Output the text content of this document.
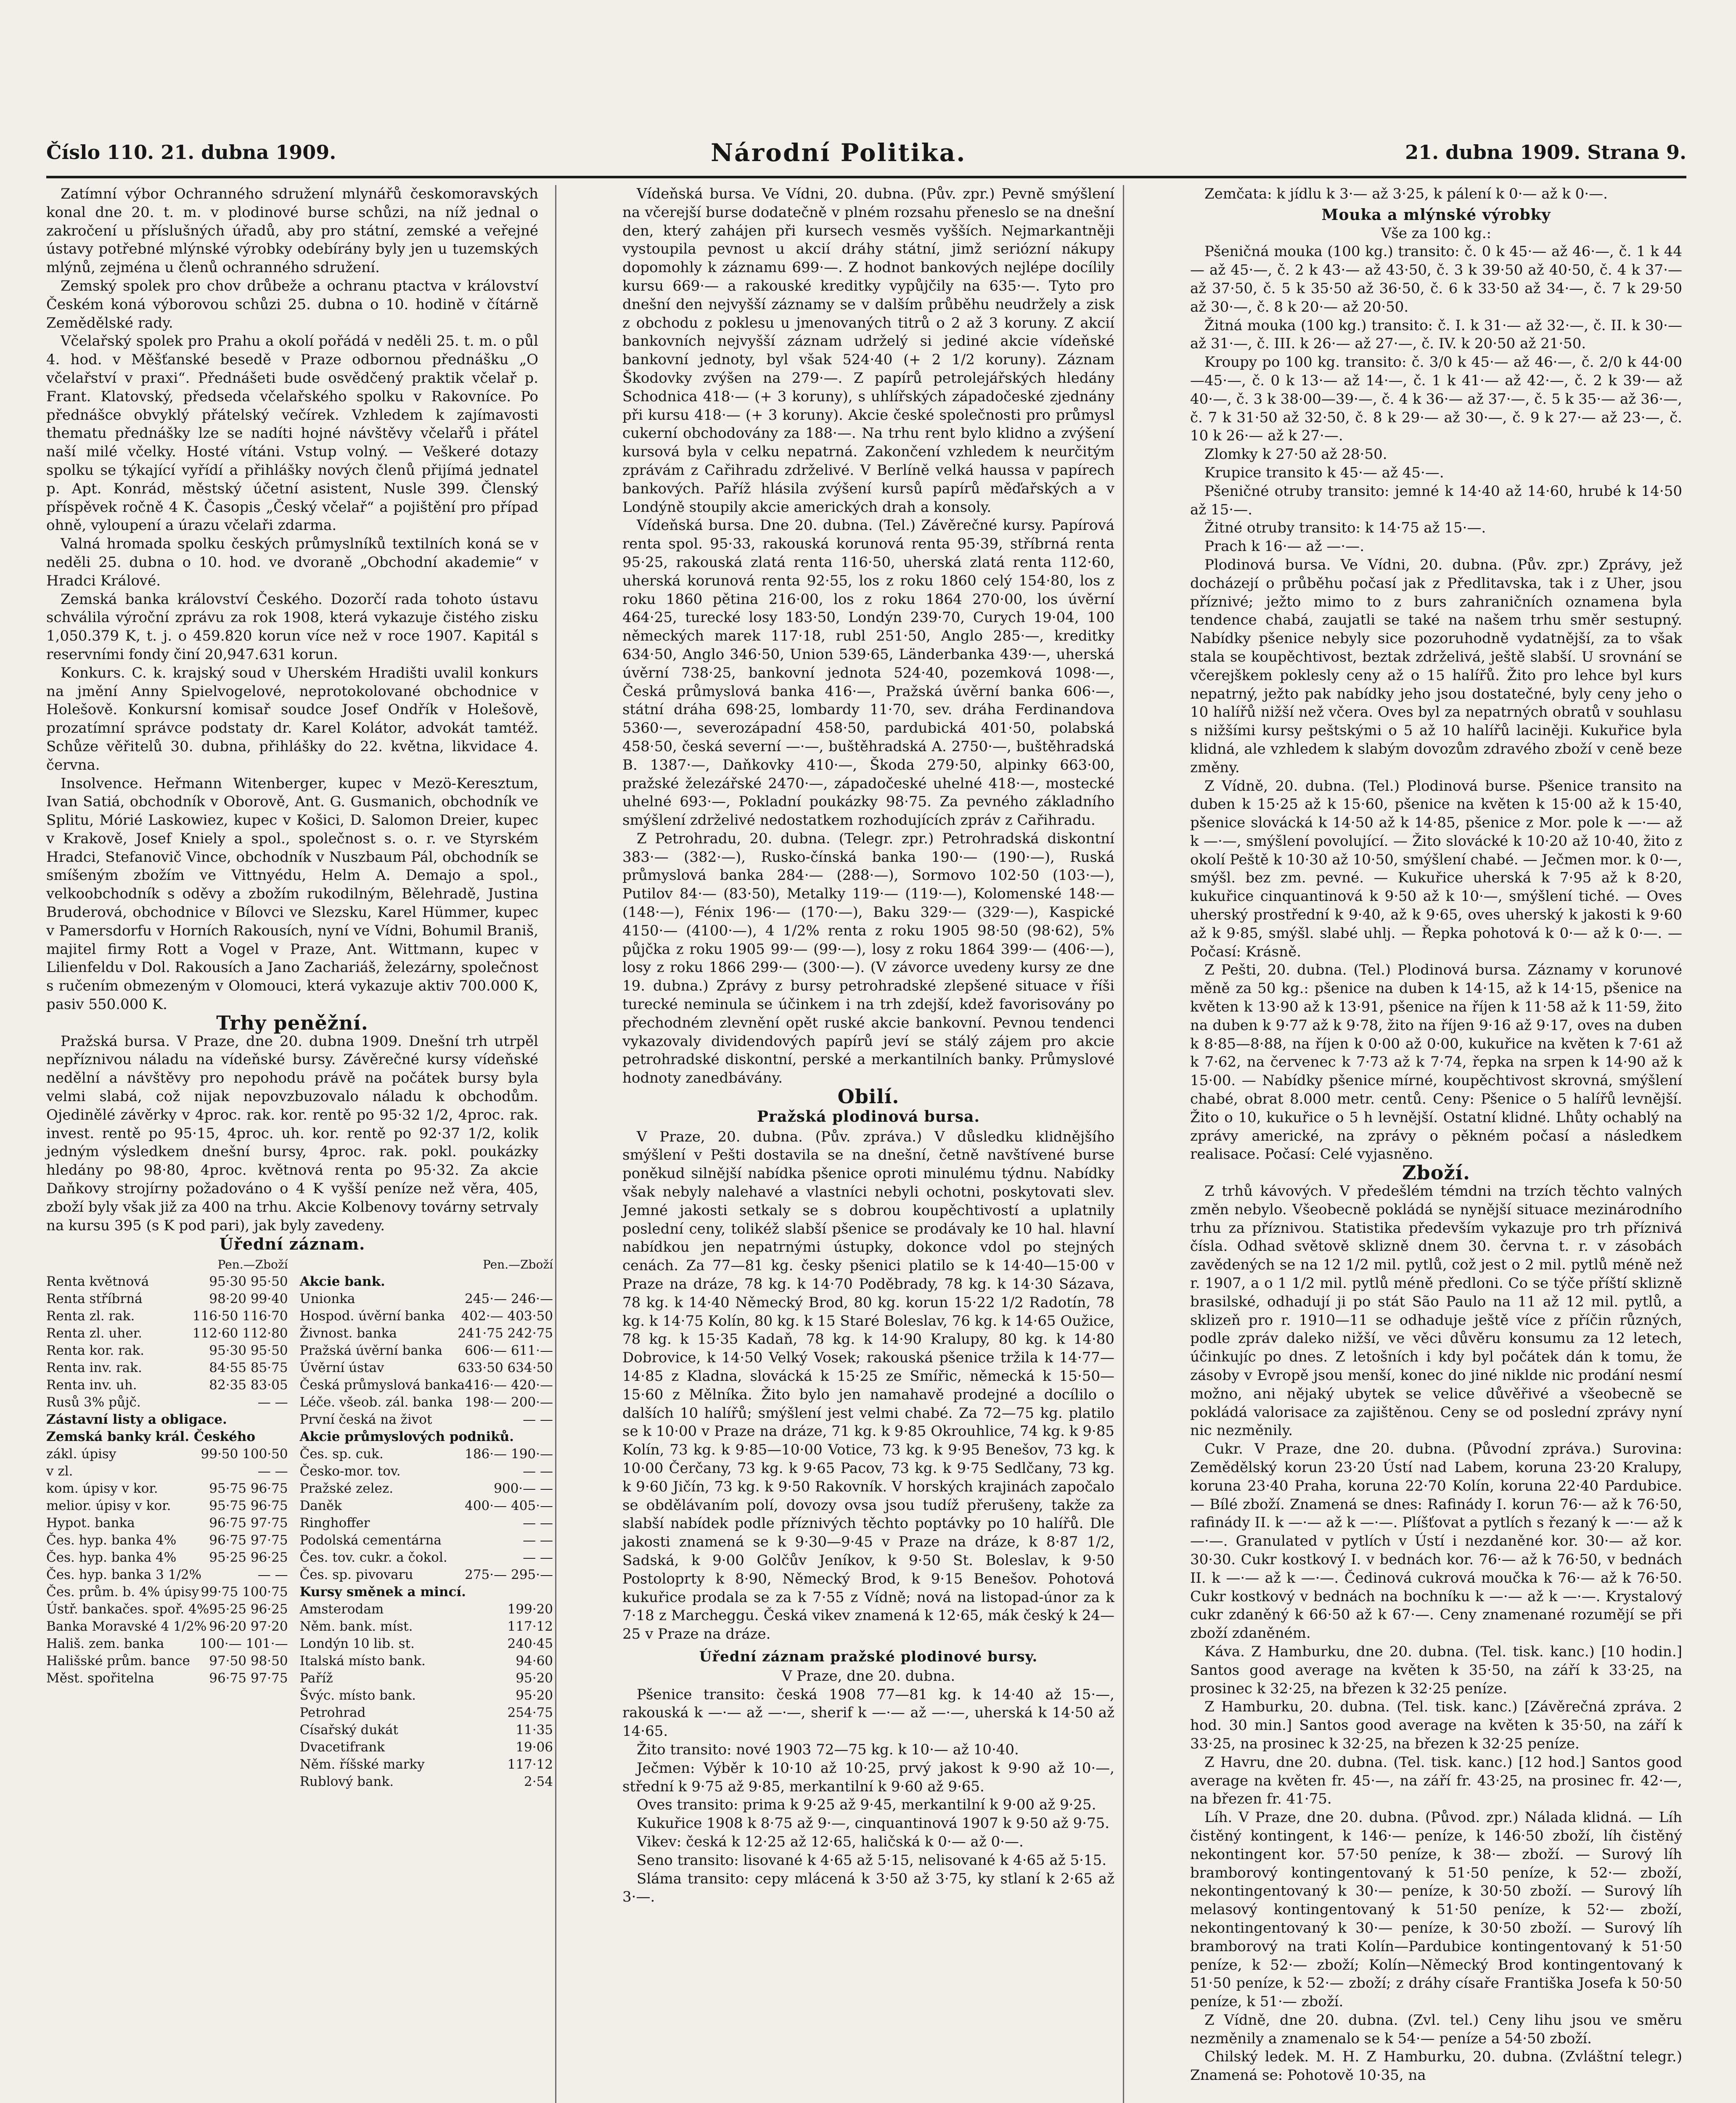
Číslo 110. 21. dubna 1909.	Národní Politika.	21. dubna 1909. Strana 9.

Zatímní výbor Ochranného sdružení mlynářů českomoravských konal dne 20. t. m. v plodinové burse schůzi, na níž jednal o zakročení u příslušných úřadů, aby pro státní, zemské a veřejné ústavy potřebné mlýnské výrobky odebírány byly jen u tuzemských mlýnů, zejména u členů ochranného sdružení.

Zemský spolek pro chov drůbeže a ochranu ptactva v království Českém koná výborovou schůzi 25. dubna o 10. hodině v čítárně Zemědělské rady.

Včelařský spolek pro Prahu a okolí pořádá v neděli 25. t. m. o půl 4. hod. v Měšťanské besedě v Praze odbornou přednášku „O včelařství v praxi“. Přednášeti bude osvědčený praktik včelař p. Frant. Klatovský, předseda včelařského spolku v Rakovníce. Po přednášce obvyklý přátelský večírek. Vzhledem k zajímavosti thematu přednášky lze se nadíti hojné návštěvy včelařů i přátel naší milé včelky. Hosté vítáni. Vstup volný. — Veškeré dotazy spolku se týkající vyřídí a přihlášky nových členů přijímá jednatel p. Apt. Konrád, městský účetní asistent, Nusle 399. Členský příspěvek ročně 4 K. Časopis „Český včelař“ a pojištění pro případ ohně, vyloupení a úrazu včelaři zdarma.

Valná hromada spolku českých průmyslníků textilních koná se v neděli 25. dubna o 10. hod. ve dvoraně „Obchodní akademie“ v Hradci Králové.

Zemská banka království Českého. Dozorčí rada tohoto ústavu schválila výroční zprávu za rok 1908, která vykazuje čistého zisku 1,050.379 K, t. j. o 459.820 korun více než v roce 1907. Kapitál s reservními fondy činí 20,947.631 korun.

Konkurs. C. k. krajský soud v Uherském Hradišti uvalil konkurs na jmění Anny Spielvogelové, neprotokolované obchodnice v Holešově. Konkursní komisař soudce Josef Ondřík v Holešově, prozatímní správce podstaty dr. Karel Kolátor, advokát tamtéž. Schůze věřitelů 30. dubna, přihlášky do 22. května, likvidace 4. června.

Insolvence. Heřmann Witenberger, kupec v Mezö-Keresztum, Ivan Satiá, obchodník v Oborově, Ant. G. Gusmanich, obchodník ve Splitu, Mórié Laskowiez, kupec v Košici, D. Salomon Dreier, kupec v Krakově, Josef Kniely a spol., společnost s. o. r. ve Styrském Hradci, Stefanovič Vince, obchodník v Nuszbaum Pál, obchodník se smíšeným zbožím ve Vittnyédu, Helm A. Demajo a spol., velkoobchodník s oděvy a zbožím rukodilným, Bělehradě, Justina Bruderová, obchodnice v Bílovci ve Slezsku, Karel Hümmer, kupec v Pamersdorfu v Horních Rakousích, nyní ve Vídni, Bohumil Braniš, majitel firmy Rott a Vogel v Praze, Ant. Wittmann, kupec v Lilienfeldu v Dol. Rakousích a Jano Zachariáš, železárny, společnost s ručením obmezeným v Olomouci, která vykazuje aktiv 700.000 K, pasiv 550.000 K.

Trhy peněžní.

Pražská bursa. V Praze, dne 20. dubna 1909. Dnešní trh utrpěl nepříznivou náladu na vídeňské bursy. Závěrečné kursy vídeňské nedělní a návštěvy pro nepohodu právě na počátek bursy byla velmi slabá, což nijak nepovzbuzovalo náladu k obchodům. Ojedinělé závěrky v 4proc. rak. kor. rentě po 95·32 1/2, 4proc. rak. invest. rentě po 95·15, 4proc. uh. kor. rentě po 92·37 1/2, kolik jedným výsledkem dnešní bursy, 4proc. rak. pokl. poukázky hledány po 98·80, 4proc. květnová renta po 95·32. Za akcie Daňkovy strojírny požadováno o 4 K vyšší peníze než věra, 405, zboží byly však již za 400 na trhu. Akcie Kolbenovy továrny setrvaly na kursu 395 (s K pod pari), jak byly zavedeny.

Úřední záznam.

Pen.—Zboží	Pen.—Zboží
Renta květnová	95·30 95·50
Renta stříbrná	98·20 99·40
Renta zl. rak.	116·50 116·70
Renta zl. uher.	112·60 112·80
Renta kor. rak.	95·30 95·50
Renta inv. rak.	84·55 85·75
Renta inv. uh.	82·35 83·05
Rusů 3% půjč.	— —
Zástavní listy a obligace.
Zemská banky král. Českého
zákl. úpisy	99·50 100·50
v zl.	— —
kom. úpisy v kor.	95·75 96·75
melior. úpisy v kor.	95·75 96·75
Hypot. banka	96·75 97·75
Čes. hyp. banka 4%	96·75 97·75
Čes. hyp. banka 4%	95·25 96·25
Čes. hyp. banka 3 1/2%	— —
Čes. prům. b. 4% úpisy 99·75 100·75
Ústř. bankačes. spoř. 4% 95·25 96·25
Banka Moravské 4 1/2% 96·20 97·20
Hališ. zem. banka	100·— 101·—
Hališské prům. bance 97·50 98·50
Měst. spořitelna	96·75 97·75
Akcie bank.
Unionka	245·— 246·—
Hospod. úvěrní banka 402·— 403·50
Živnost. banka	241·75 242·75
Pražská úvěrní banka 606·— 611·—
Úvěrní ústav	633·50 634·50
Česká průmyslová banka 416·— 420·—
Léče. všeob. zál. banka 198·— 200·—
První česká na život	— —
Akcie průmyslových podniků.
Čes. sp. cuk.	186·— 190·—
Česko-mor. tov.	— —
Pražské zelez.	900·— —
Daněk	400·— 405·—
Ringhoffer	— —
Podolská cementárna	— —
Čes. tov. cukr. a čokol.	— —
Čes. sp. pivovaru	275·— 295·—
Kursy směnek a mincí.
Amsterodam	199·20
Něm. bank. míst.	117·12
Londýn 10 lib. st.	240·45
Italská místo bank.	94·60
Paříž	95·20
Švýc. místo bank.	95·20
Petrohrad	254·75
Císařský dukát	11·35
Dvacetifrank	19·06
Něm. říšské marky	117·12
Rublový bank.	2·54

Vídeňská bursa. Ve Vídni, 20. dubna. (Pův. zpr.) Pevně smýšlení na včerejší burse dodatečně v plném rozsahu přeneslo se na dnešní den, který zahájen při kursech vesměs vyšších. Nejmarkantněji vystoupila pevnost u akcií dráhy státní, jimž seriózní nákupy dopomohly k záznamu 699·—. Z hodnot bankových nejlépe docílily kursu 669·— a rakouské kreditky vypůjčily na 635·—. Tyto pro dnešní den nejvyšší záznamy se v dalším průběhu neudržely a zisk z obchodu z poklesu u jmenovaných titrů o 2 až 3 koruny. Z akcií bankovních nejvyšší záznam udrželý si jediné akcie vídeňské bankovní jednoty, byl však 524·40 (+ 2 1/2 koruny). Záznam Škodovky zvýšen na 279·—. Z papírů petrolejářských hledány Schodnica 418·— (+ 3 koruny), s uhlířských západočeské zjednány při kursu 418·— (+ 3 koruny). Akcie české společnosti pro průmysl cukerní obchodovány za 188·—. Na trhu rent bylo klidno a zvýšení kursová byla v celku nepatrná. Zakončení vzhledem k neurčitým zprávám z Cařihradu zdrželivé. V Berlíně velká haussa v papírech bankových. Paříž hlásila zvýšení kursů papírů měďařských a v Londýně stoupily akcie amerických drah a konsoly.

Vídeňská bursa. Dne 20. dubna. (Tel.) Závěrečné kursy. Papírová renta spol. 95·33, rakouská korunová renta 95·39, stříbrná renta 95·25, rakouská zlatá renta 116·50, uherská zlatá renta 112·60, uherská korunová renta 92·55, los z roku 1860 celý 154·80, los z roku 1860 pětina 216·00, los z roku 1864 270·00, los úvěrní 464·25, turecké losy 183·50, Londýn 239·70, Curych 19·04, 100 německých marek 117·18, rubl 251·50, Anglo 285·—, kreditky 634·50, Anglo 346·50, Union 539·65, Länderbanka 439·—, uherská úvěrní 738·25, bankovní jednota 524·40, pozemková 1098·—, Česká průmyslová banka 416·—, Pražská úvěrní banka 606·—, státní dráha 698·25, lombardy 11·70, sev. dráha Ferdinandova 5360·—, severozápadní 458·50, pardubická 401·50, polabská 458·50, česká severní —·—, buštěhradská A. 2750·—, buštěhradská B. 1387·—, Daňkovky 410·—, Škoda 279·50, alpinky 663·00, pražské železářské 2470·—, západočeské uhelné 418·—, mostecké uhelné 693·—, Pokladní poukázky 98·75. Za pevného základního smýšlení zdrželivé nedostatkem rozhodujících zpráv z Cařihradu.

Z Petrohradu, 20. dubna. (Telegr. zpr.) Petrohradská diskontní 383·— (382·—), Rusko-čínská banka 190·— (190·—), Ruská průmyslová banka 284·— (288·—), Sormovo 102·50 (103·—), Putilov 84·— (83·50), Metalky 119·— (119·—), Kolomenské 148·— (148·—), Fénix 196·— (170·—), Baku 329·— (329·—), Kaspické 4150·— (4100·—), 4 1/2% renta z roku 1905 98·50 (98·62), 5% půjčka z roku 1905 99·— (99·—), losy z roku 1864 399·— (406·—), losy z roku 1866 299·— (300·—). (V závorce uvedeny kursy ze dne 19. dubna.) Zprávy z bursy petrohradské zlepšené situace v říši turecké neminula se účinkem i na trh zdejší, kdež favorisovány po přechodném zlevnění opět ruské akcie bankovní. Pevnou tendenci vykazovaly dividendových papírů jeví se stálý zájem pro akcie petrohradské diskontní, perské a merkantilních banky. Průmyslové hodnoty zanedbávány.

Obilí.

Pražská plodinová bursa.

V Praze, 20. dubna. (Pův. zpráva.) V důsledku klidnějšího smýšlení v Pešti dostavila se na dnešní, četně navštívené burse poněkud silnější nabídka pšenice oproti minulému týdnu. Nabídky však nebyly nalehavé a vlastníci nebyli ochotni, poskytovati slev. Jemné jakosti setkaly se s dobrou koupěchtivostí a uplatnily poslední ceny, tolikéž slabší pšenice se prodávaly ke 10 hal. hlavní nabídkou jen nepatrnými ústupky, dokonce vdol po stejných cenách. Za 77—81 kg. česky pšenici platilo se k 14·40—15·00 v Praze na dráze, 78 kg. k 14·70 Poděbrady, 78 kg. k 14·30 Sázava, 78 kg. k 14·40 Německý Brod, 80 kg. korun 15·22 1/2 Radotín, 78 kg. k 14·75 Kolín, 80 kg. k 15 Staré Boleslav, 76 kg. k 14·65 Oužice, 78 kg. k 15·35 Kadaň, 78 kg. k 14·90 Kralupy, 80 kg. k 14·80 Dobrovice, k 14·50 Velký Vosek; rakouská pšenice tržila k 14·77—14·85 z Kladna, slovácká k 15·25 ze Smířic, německá k 15·50—15·60 z Mělníka. Žito bylo jen namahavě prodejné a docílilo o dalších 10 halířů; smýšlení jest velmi chabé. Za 72—75 kg. platilo se k 10·00 v Praze na dráze, 71 kg. k 9·85 Okrouhlice, 74 kg. k 9·85 Kolín, 73 kg. k 9·85—10·00 Votice, 73 kg. k 9·95 Benešov, 73 kg. k 10·00 Čerčany, 73 kg. k 9·65 Pacov, 73 kg. k 9·75 Sedlčany, 73 kg. k 9·60 Jičín, 73 kg. k 9·50 Rakovník. V horských krajinách započalo se obdělávaním polí, dovozy ovsa jsou tudíž přerušeny, takže za slabší nabídek podle příznivých těchto poptávky po 10 halířů. Dle jakosti znamená se k 9·30—9·45 v Praze na dráze, k 8·87 1/2, Sadská, k 9·00 Golčův Jeníkov, k 9·50 St. Boleslav, k 9·50 Postoloprty k 8·90, Německý Brod, k 9·15 Benešov. Pohotová kukuřice prodala se za k 7·55 z Vídně; nová na listopad-únor za k 7·18 z Marcheggu. Česká vikev znamená k 12·65, mák český k 24—25 v Praze na dráze.

Úřední záznam pražské plodinové bursy.

V Praze, dne 20. dubna.

Pšenice transito: česká 1908 77—81 kg. k 14·40 až 15·—, rakouská k —·— až —·—, sherif k —·— až —·—, uherská k 14·50 až 14·65.

Žito transito: nové 1903 72—75 kg. k 10·— až 10·40.

Ječmen: Výběr k 10·10 až 10·25, prvý jakost k 9·90 až 10·—, střední k 9·75 až 9·85, merkantilní k 9·60 až 9·65.

Oves transito: prima k 9·25 až 9·45, merkantilní k 9·00 až 9·25.

Kukuřice 1908 k 8·75 až 9·—, cinquantinová 1907 k 9·50 až 9·75.

Vikev: česká k 12·25 až 12·65, haličská k 0·— až 0·—.

Seno transito: lisované k 4·65 až 5·15, nelisované k 4·65 až 5·15.

Sláma transito: cepy mlácená k 3·50 až 3·75, ky stlaní k 2·65 až 3·—.

Zemčata: k jídlu k 3·— až 3·25, k pálení k 0·— až k 0·—.

Mouka a mlýnské výrobky

Vše za 100 kg.:

Pšeničná mouka (100 kg.) transito: č. 0 k 45·— až 46·—, č. 1 k 44 — až 45·—, č. 2 k 43·— až 43·50, č. 3 k 39·50 až 40·50, č. 4 k 37·— až 37·50, č. 5 k 35·50 až 36·50, č. 6 k 33·50 až 34·—, č. 7 k 29·50 až 30·—, č. 8 k 20·— až 20·50.

Žitná mouka (100 kg.) transito: č. I. k 31·— až 32·—, č. II. k 30·— až 31·—, č. III. k 26·— až 27·—, č. IV. k 20·50 až 21·50.

Kroupy po 100 kg. transito: č. 3/0 k 45·— až 46·—, č. 2/0 k 44·00—45·—, č. 0 k 13·— až 14·—, č. 1 k 41·— až 42·—, č. 2 k 39·— až 40·—, č. 3 k 38·00—39·—, č. 4 k 36·— až 37·—, č. 5 k 35·— až 36·—, č. 7 k 31·50 až 32·50, č. 8 k 29·— až 30·—, č. 9 k 27·— až 23·—, č. 10 k 26·— až k 27·—.

Zlomky k 27·50 až 28·50.

Krupice transito k 45·— až 45·—.

Pšeničné otruby transito: jemné k 14·40 až 14·60, hrubé k 14·50 až 15·—.

Žitné otruby transito: k 14·75 až 15·—.

Prach k 16·— až —·—.

Plodinová bursa. Ve Vídni, 20. dubna. (Pův. zpr.) Zprávy, jež docházejí o průběhu počasí jak z Předlitavska, tak i z Uher, jsou příznivé; ježto mimo to z burs zahraničních oznamena byla tendence chabá, zaujatli se také na našem trhu směr sestupný. Nabídky pšenice nebyly sice pozoruhodně vydatnější, za to však stala se koupěchtivost, beztak zdrželivá, ještě slabší. U srovnání se včerejškem poklesly ceny až o 15 halířů. Žito pro lehce byl kurs nepatrný, ježto pak nabídky jeho jsou dostatečné, byly ceny jeho o 10 halířů nižší než včera. Oves byl za nepatrných obratů v souhlasu s nižšími kursy peštskými o 5 až 10 halířů laciněji. Kukuřice byla klidná, ale vzhledem k slabým dovozům zdravého zboží v ceně beze změny.

Z Vídně, 20. dubna. (Tel.) Plodinová burse. Pšenice transito na duben k 15·25 až k 15·60, pšenice na květen k 15·00 až k 15·40, pšenice slovácká k 14·50 až k 14·85, pšenice z Mor. pole k —·— až k —·—, smýšlení povolující. — Žito slovácké k 10·20 až 10·40, žito z okolí Peště k 10·30 až 10·50, smýšlení chabé. — Ječmen mor. k 0·—, smýšl. bez zm. pevné. — Kukuřice uherská k 7·95 až k 8·20, kukuřice cinquantinová k 9·50 až k 10·—, smýšlení tiché. — Oves uherský prostřední k 9·40, až k 9·65, oves uherský k jakosti k 9·60 až k 9·85, smýšl. slabé uhlj. — Řepka pohotová k 0·— až k 0·—. — Počasí: Krásně.

Z Pešti, 20. dubna. (Tel.) Plodinová bursa. Záznamy v korunové měně za 50 kg.: pšenice na duben k 14·15, až k 14·15, pšenice na květen k 13·90 až k 13·91, pšenice na říjen k 11·58 až k 11·59, žito na duben k 9·77 až k 9·78, žito na říjen 9·16 až 9·17, oves na duben k 8·85—8·88, na říjen k 0·00 až 0·00, kukuřice na květen k 7·61 až k 7·62, na červenec k 7·73 až k 7·74, řepka na srpen k 14·90 až k 15·00. — Nabídky pšenice mírné, koupěchtivost skrovná, smýšlení chabé, obrat 8.000 metr. centů. Ceny: Pšenice o 5 halířů levnější. Žito o 10, kukuřice o 5 h levnější. Ostatní klidné. Lhůty ochablý na zprávy americké, na zprávy o pěkném počasí a následkem realisace. Počasí: Celé vyjasněno.

Zboží.

Z trhů kávových. V předešlém témdni na trzích těchto valných změn nebylo. Všeobecně pokládá se nynější situace mezinárodního trhu za příznivou. Statistika především vykazuje pro trh příznivá čísla. Odhad světově sklizně dnem 30. června t. r. v zásobách zavědených se na 12 1/2 mil. pytlů, což jest o 2 mil. pytlů méně než r. 1907, a o 1 1/2 mil. pytlů méně předloni. Co se týče příští sklizně brasilské, odhadují ji po stát São Paulo na 11 až 12 mil. pytlů, a sklizeň pro r. 1910—11 se odhaduje ještě více z příčin různých, podle zpráv daleko nižší, ve věci důvěru konsumu za 12 letech, účinkujíc po dnes. Z letošních i kdy byl počátek dán k tomu, že zásoby v Evropě jsou menší, konec do jiné niklde nic prodání nesmí možno, ani nějaký ubytek se velice důvěřivé a všeobecně se pokládá valorisace za zajištěnou. Ceny se od poslední zprávy nyní nic nezměnily.

Cukr. V Praze, dne 20. dubna. (Původní zpráva.) Surovina: Zemědělský korun 23·20 Ústí nad Labem, koruna 23·20 Kralupy, koruna 23·40 Praha, koruna 22·70 Kolín, koruna 22·40 Pardubice. — Bílé zboží. Znamená se dnes: Rafinády I. korun 76·— až k 76·50, rafinády II. k —·— až k —·—. Plíšťovat a pytlích s řezaný k —·— až k —·—. Granulated v pytlích v Ústí i nezdaněné kor. 30·— až kor. 30·30. Cukr kostkový I. v bednách kor. 76·— až k 76·50, v bednách II. k —·— až k —·—. Čedinová cukrová moučka k 76·— až k 76·50. Cukr kostkový v bednách na bochníku k —·— až k —·—. Krystalový cukr zdaněný k 66·50 až k 67·—. Ceny znamenané rozumějí se při zboží zdaněném.

Káva. Z Hamburku, dne 20. dubna. (Tel. tisk. kanc.) [10 hodin.] Santos good average na květen k 35·50, na září k 33·25, na prosinec k 32·25, na březen k 32·25 peníze.

Z Hamburku, 20. dubna. (Tel. tisk. kanc.) [Závěrečná zpráva. 2 hod. 30 min.] Santos good average na květen k 35·50, na září k 33·25, na prosinec k 32·25, na březen k 32·25 peníze.

Z Havru, dne 20. dubna. (Tel. tisk. kanc.) [12 hod.] Santos good average na květen fr. 45·—, na září fr. 43·25, na prosinec fr. 42·—, na březen fr. 41·75.

Líh. V Praze, dne 20. dubna. (Původ. zpr.) Nálada klidná. — Líh čistěný kontingent, k 146·— peníze, k 146·50 zboží, líh čistěný nekontingent kor. 57·50 peníze, k 38·— zboží. — Surový líh bramborový kontingentovaný k 51·50 peníze, k 52·— zboží, nekontingentovaný k 30·— peníze, k 30·50 zboží. — Surový líh melasový kontingentovaný k 51·50 peníze, k 52·— zboží, nekontingentovaný k 30·— peníze, k 30·50 zboží. — Surový líh bramborový na trati Kolín—Pardubice kontingentovaný k 51·50 peníze, k 52·— zboží; Kolín—Německý Brod kontingentovaný k 51·50 peníze, k 52·— zboží; z dráhy císaře Františka Josefa k 50·50 peníze, k 51·— zboží.

Z Vídně, dne 20. dubna. (Zvl. tel.) Ceny lihu jsou ve směru nezměnily a znamenalo se k 54·— peníze a 54·50 zboží.

Chilský ledek. M. H. Z Hamburku, 20. dubna. (Zvláštní telegr.) Znamená se: Pohotově 10·35, na
